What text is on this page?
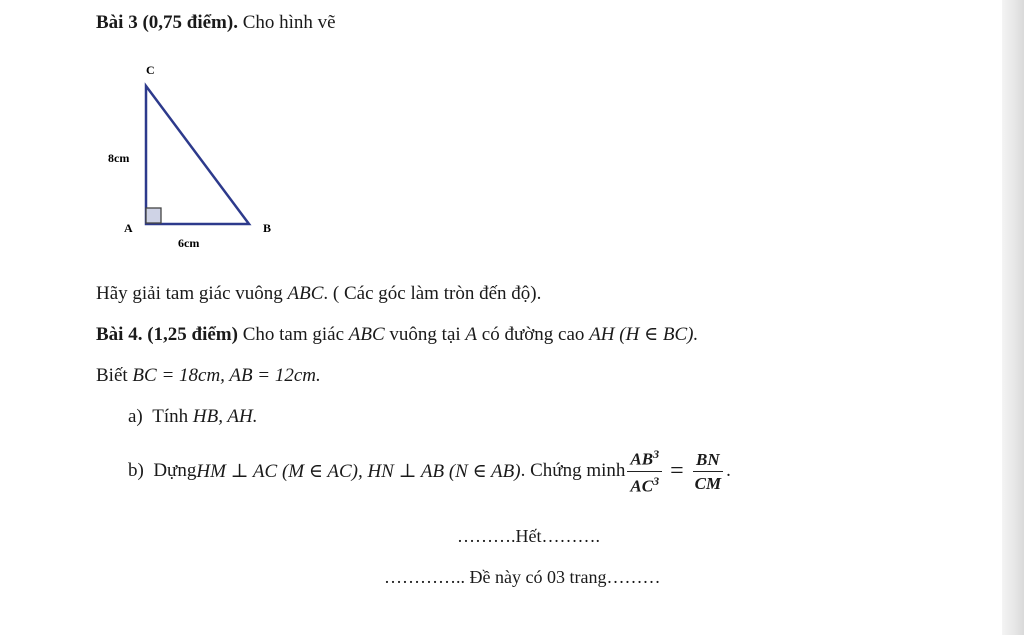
Bài 3 (0,75 điểm). Cho hình vẽ
C
A	B
8cm
6cm
Hãy giải tam giác vuông ABC. ( Các góc làm tròn đến độ).
Bài 4. (1,25 điểm) Cho tam giác ABC vuông tại A có đường cao AH (H ∈ BC).
Biết BC = 18cm, AB = 12cm.
a) Tính HB, AH.
b)
Dựng HM ⊥ AC (M ∈ AC), HN ⊥ AB (N ∈ AB) . Chứng minh $\frac{AB^3}{AC^3} = \frac{BN}{CM}$ .
……….Hết……….
………….. Đề này có 03 trang………
